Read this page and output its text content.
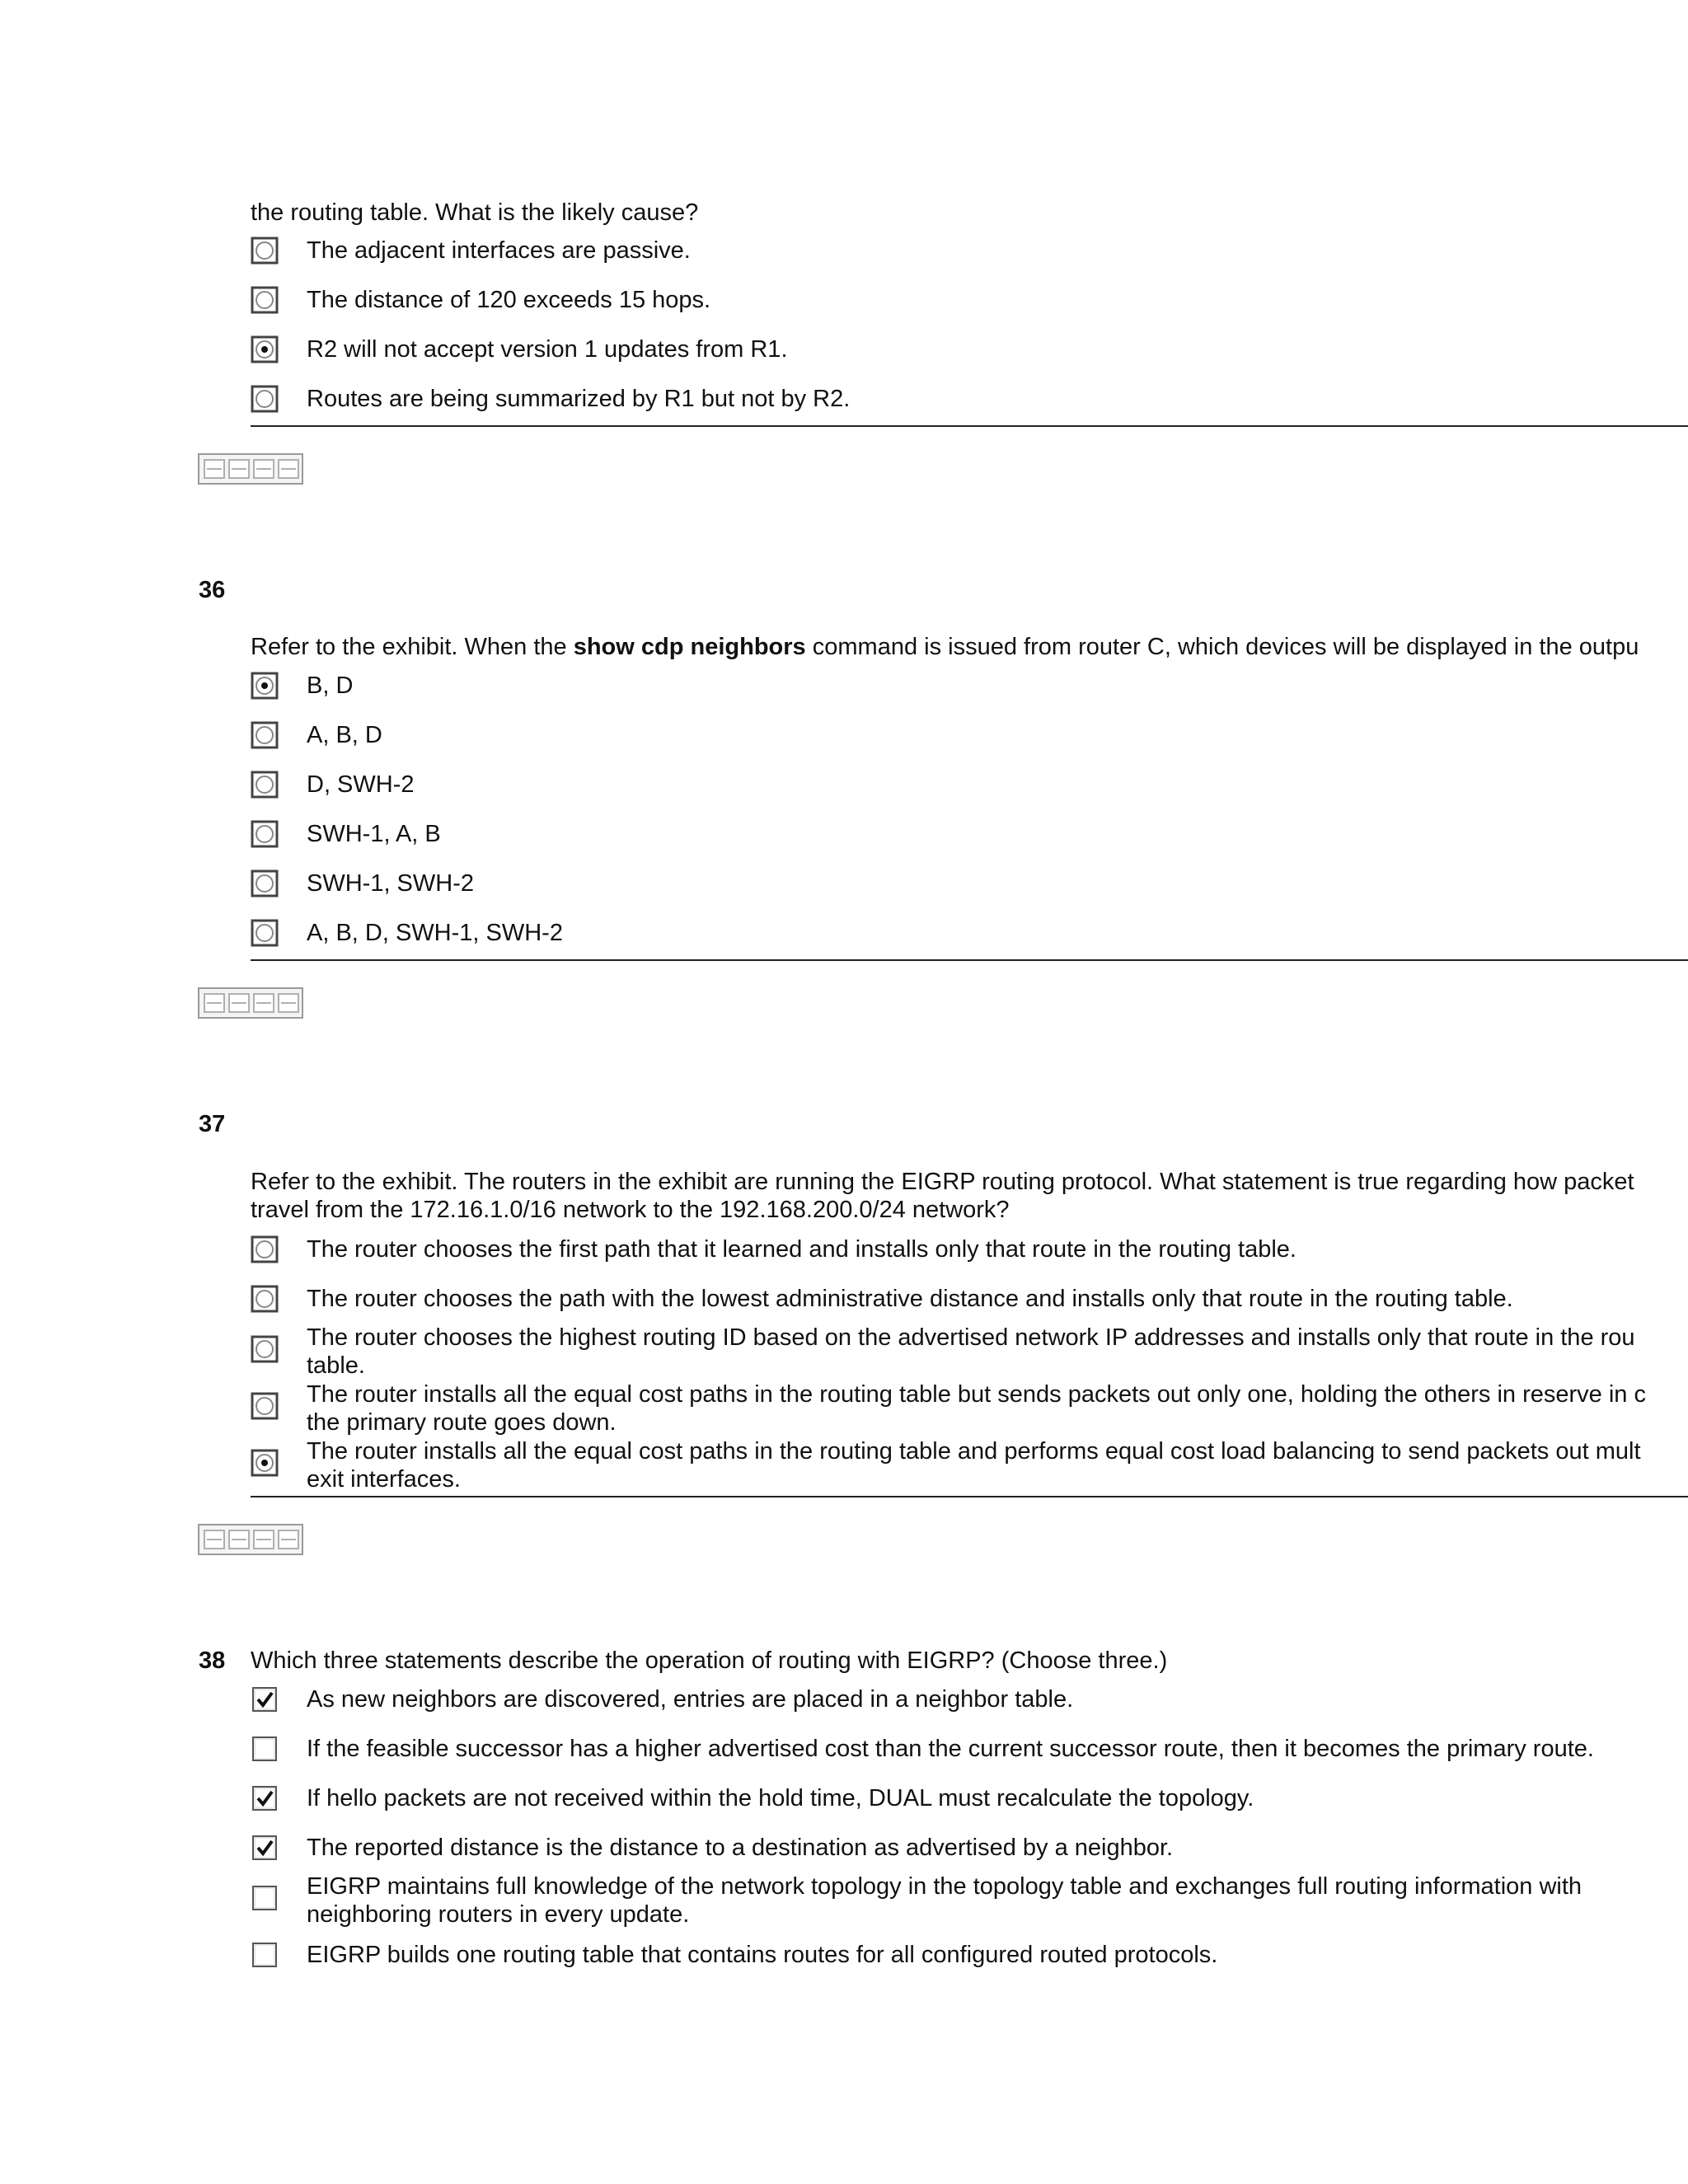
the routing table. What is the likely cause?
The adjacent interfaces are passive.
The distance of 120 exceeds 15 hops.
R2 will not accept version 1 updates from R1.
Routes are being summarized by R1 but not by R2.
36
Refer to the exhibit. When the show cdp neighbors command is issued from router C, which devices will be displayed in the outpu
B, D
A, B, D
D, SWH-2
SWH-1, A, B
SWH-1, SWH-2
A, B, D, SWH-1, SWH-2
37
Refer to the exhibit. The routers in the exhibit are running the EIGRP routing protocol. What statement is true regarding how packet
travel from the 172.16.1.0/16 network to the 192.168.200.0/24 network?
The router chooses the first path that it learned and installs only that route in the routing table.
The router chooses the path with the lowest administrative distance and installs only that route in the routing table.
The router chooses the highest routing ID based on the advertised network IP addresses and installs only that route in the rou
table.
The router installs all the equal cost paths in the routing table but sends packets out only one, holding the others in reserve in c
the primary route goes down.
The router installs all the equal cost paths in the routing table and performs equal cost load balancing to send packets out mult
exit interfaces.
38 Which three statements describe the operation of routing with EIGRP? (Choose three.)
As new neighbors are discovered, entries are placed in a neighbor table.
If the feasible successor has a higher advertised cost than the current successor route, then it becomes the primary route.
If hello packets are not received within the hold time, DUAL must recalculate the topology.
The reported distance is the distance to a destination as advertised by a neighbor.
EIGRP maintains full knowledge of the network topology in the topology table and exchanges full routing information with
neighboring routers in every update.
EIGRP builds one routing table that contains routes for all configured routed protocols.
